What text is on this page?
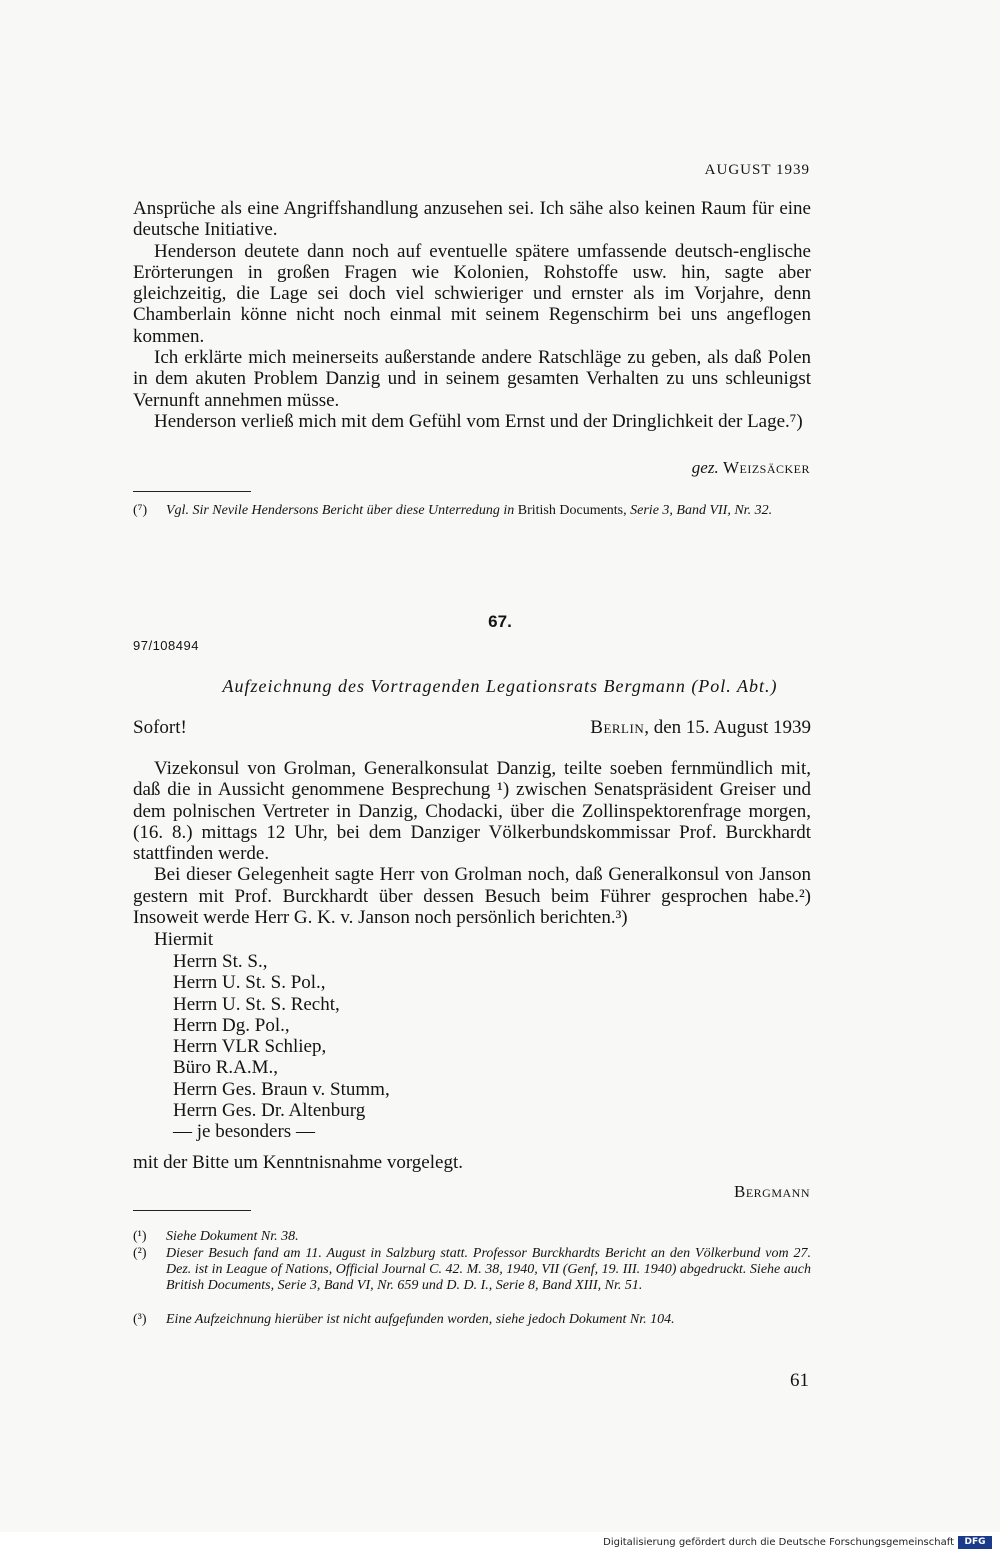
AUGUST 1939

Ansprüche als eine Angriffshandlung anzusehen sei. Ich sähe also keinen Raum für eine deutsche Initiative.

Henderson deutete dann noch auf eventuelle spätere umfassende deutsch-englische Erörterungen in großen Fragen wie Kolonien, Rohstoffe usw. hin, sagte aber gleichzeitig, die Lage sei doch viel schwieriger und ernster als im Vorjahre, denn Chamberlain könne nicht noch einmal mit seinem Regenschirm bei uns angeflogen kommen.

Ich erklärte mich meinerseits außerstande andere Ratschläge zu geben, als daß Polen in dem akuten Problem Danzig und in seinem gesamten Verhalten zu uns schleunigst Vernunft annehmen müsse.

Henderson verließ mich mit dem Gefühl vom Ernst und der Dringlichkeit der Lage.⁷)

gez. Weizsäcker
(⁷) Vgl. Sir Nevile Hendersons Bericht über diese Unterredung in British Documents, Serie 3, Band VII, Nr. 32.
67.
97/108494
Aufzeichnung des Vortragenden Legationsrats Bergmann (Pol. Abt.)
Sofort!	Berlin, den 15. August 1939

Vizekonsul von Grolman, Generalkonsulat Danzig, teilte soeben fernmündlich mit, daß die in Aussicht genommene Besprechung ¹) zwischen Senatspräsident Greiser und dem polnischen Vertreter in Danzig, Chodacki, über die Zollinspektorenfrage morgen, (16. 8.) mittags 12 Uhr, bei dem Danziger Völkerbundskommissar Prof. Burckhardt stattfinden werde.

Bei dieser Gelegenheit sagte Herr von Grolman noch, daß Generalkonsul von Janson gestern mit Prof. Burckhardt über dessen Besuch beim Führer gesprochen habe.²) Insoweit werde Herr G. K. v. Janson noch persönlich berichten.³)

Hiermit
Herrn St. S.,
Herrn U. St. S. Pol.,
Herrn U. St. S. Recht,
Herrn Dg. Pol.,
Herrn VLR Schliep,
Büro R.A.M.,
Herrn Ges. Braun v. Stumm,
Herrn Ges. Dr. Altenburg
— je besonders —
mit der Bitte um Kenntnisnahme vorgelegt.
Bergmann
(¹) Siehe Dokument Nr. 38.
(²) Dieser Besuch fand am 11. August in Salzburg statt. Professor Burckhardts Bericht an den Völkerbund vom 27. Dez. ist in League of Nations, Official Journal C. 42. M. 38, 1940, VII (Genf, 19. III. 1940) abgedruckt. Siehe auch British Documents, Serie 3, Band VI, Nr. 659 und D. D. I., Serie 8, Band XIII, Nr. 51.
(³) Eine Aufzeichnung hierüber ist nicht aufgefunden worden, siehe jedoch Dokument Nr. 104.
61
Digitalisierung gefördert durch die Deutsche Forschungsgemeinschaft	DFG
